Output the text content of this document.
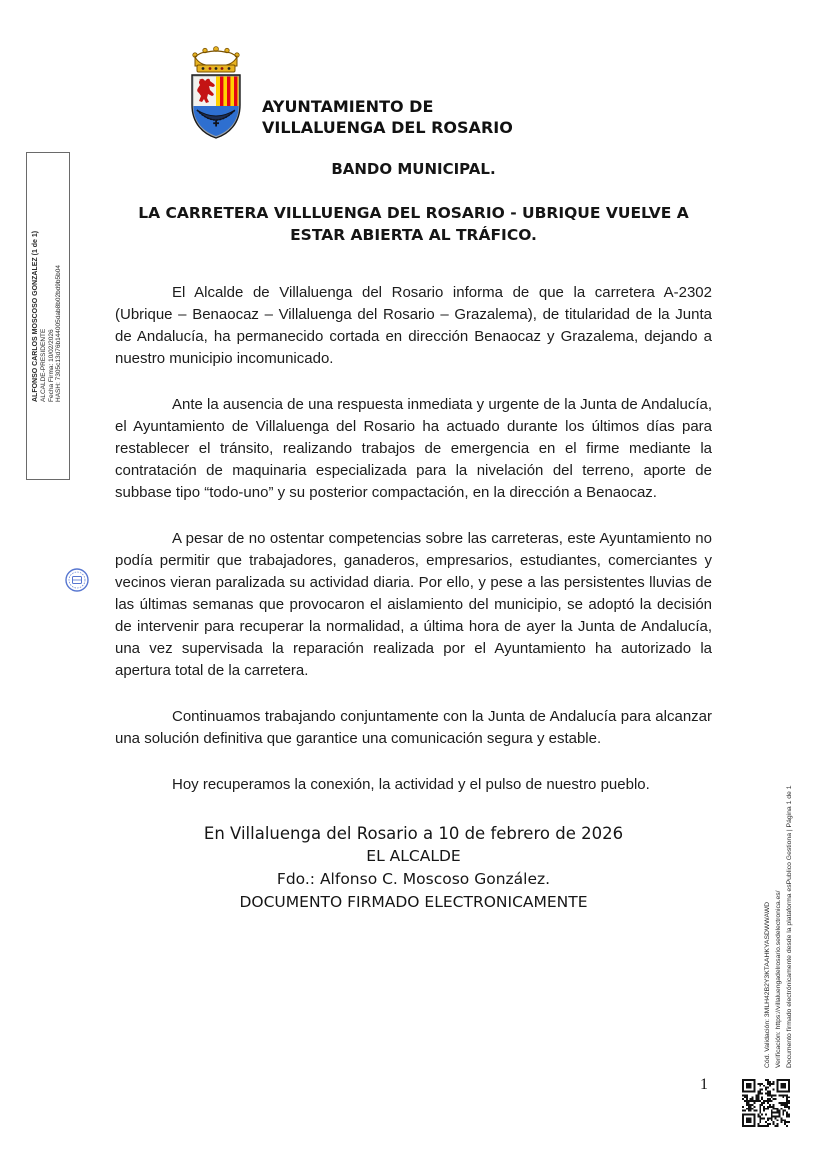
AYUNTAMIENTO DE
VILLALUENGA DEL ROSARIO

BANDO MUNICIPAL.

LA CARRETERA VILLLUENGA DEL ROSARIO - UBRIQUE VUELVE A ESTAR ABIERTA AL TRÁFICO.

El Alcalde de Villaluenga del Rosario informa de que la carretera A-2302 (Ubrique – Benaocaz – Villaluenga del Rosario – Grazalema), de titularidad de la Junta de Andalucía, ha permanecido cortada en dirección Benaocaz y Grazalema, dejando a nuestro municipio incomunicado.

Ante la ausencia de una respuesta inmediata y urgente de la Junta de Andalucía, el Ayuntamiento de Villaluenga del Rosario ha actuado durante los últimos días para restablecer el tránsito, realizando trabajos de emergencia en el firme mediante la contratación de maquinaria especializada para la nivelación del terreno, aporte de subbase tipo “todo-uno” y su posterior compactación, en la dirección a Benaocaz.

A pesar de no ostentar competencias sobre las carreteras, este Ayuntamiento no podía permitir que trabajadores, ganaderos, empresarios, estudiantes, comerciantes y vecinos vieran paralizada su actividad diaria. Por ello, y pese a las persistentes lluvias de las últimas semanas que provocaron el aislamiento del municipio, se adoptó la decisión de intervenir para recuperar la normalidad, a última hora de ayer la Junta de Andalucía, una vez supervisada la reparación realizada por el Ayuntamiento ha autorizado la apertura total de la carretera.

Continuamos trabajando conjuntamente con la Junta de Andalucía para alcanzar una solución definitiva que garantice una comunicación segura y estable.

Hoy recuperamos la conexión, la actividad y el pulso de nuestro pueblo.

En Villaluenga del Rosario a 10 de febrero de 2026
EL ALCALDE
Fdo.: Alfonso C. Moscoso González.
DOCUMENTO FIRMADO ELECTRONICAMENTE
ALFONSO CARLOS MOSCOSO GONZALEZ (1 de 1) ALCALDE-PRESIDENTE Fecha Firma: 10/02/2026 HASH: 7305c13d76b144005dab8b02bd9b5b04
Cód. Validación: 3MLH42B2Y3KTAAHKYASDWWAWD Verificación: https://villaluengadelrosario.sedelectronica.es/ Documento firmado electrónicamente desde la plataforma esPublico Gestiona | Página 1 de 1
1
